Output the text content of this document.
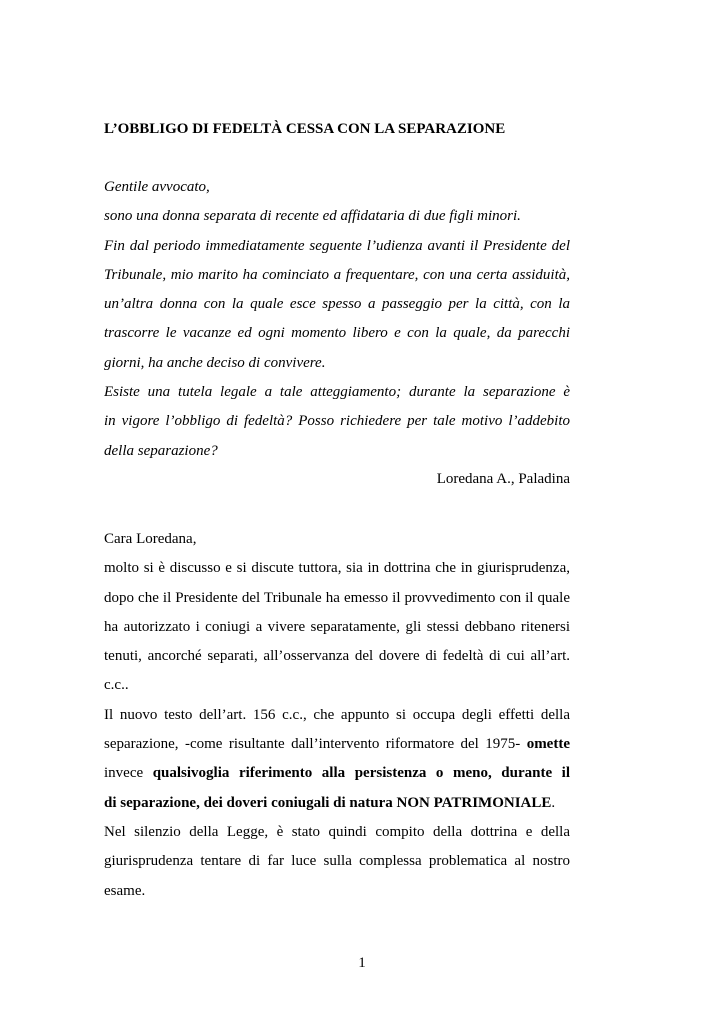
L’OBBLIGO DI FEDELTÀ CESSA CON LA SEPARAZIONE
Gentile avvocato,
sono una donna separata di recente ed affidataria di due figli minori.
Fin dal periodo immediatamente seguente l’udienza avanti il Presidente del
Tribunale, mio marito ha cominciato a frequentare, con una certa assiduità,
un’altra donna con la quale esce spesso a passeggio per la città, con la
trascorre le vacanze ed ogni momento libero e con la quale, da parecchi
giorni, ha anche deciso di convivere.
Esiste una tutela legale a tale atteggiamento; durante la separazione è
in vigore l’obbligo di fedeltà? Posso richiedere per tale motivo l’addebito
della separazione?
Loredana A., Paladina
Cara Loredana,
molto si è discusso e si discute tuttora, sia in dottrina che in giurisprudenza,
dopo che il Presidente del Tribunale ha emesso il provvedimento con il quale
ha autorizzato i coniugi a vivere separatamente, gli stessi debbano ritenersi
tenuti, ancorché separati, all’osservanza del dovere di fedeltà di cui all’art.
c.c..
Il nuovo testo dell’art. 156 c.c., che appunto si occupa degli effetti della
separazione, -come risultante dall’intervento riformatore del 1975- omette
invece qualsivoglia riferimento alla persistenza o meno, durante il
di separazione, dei doveri coniugali di natura NON PATRIMONIALE.
Nel silenzio della Legge, è stato quindi compito della dottrina e della
giurisprudenza tentare di far luce sulla complessa problematica al nostro
esame.
1
